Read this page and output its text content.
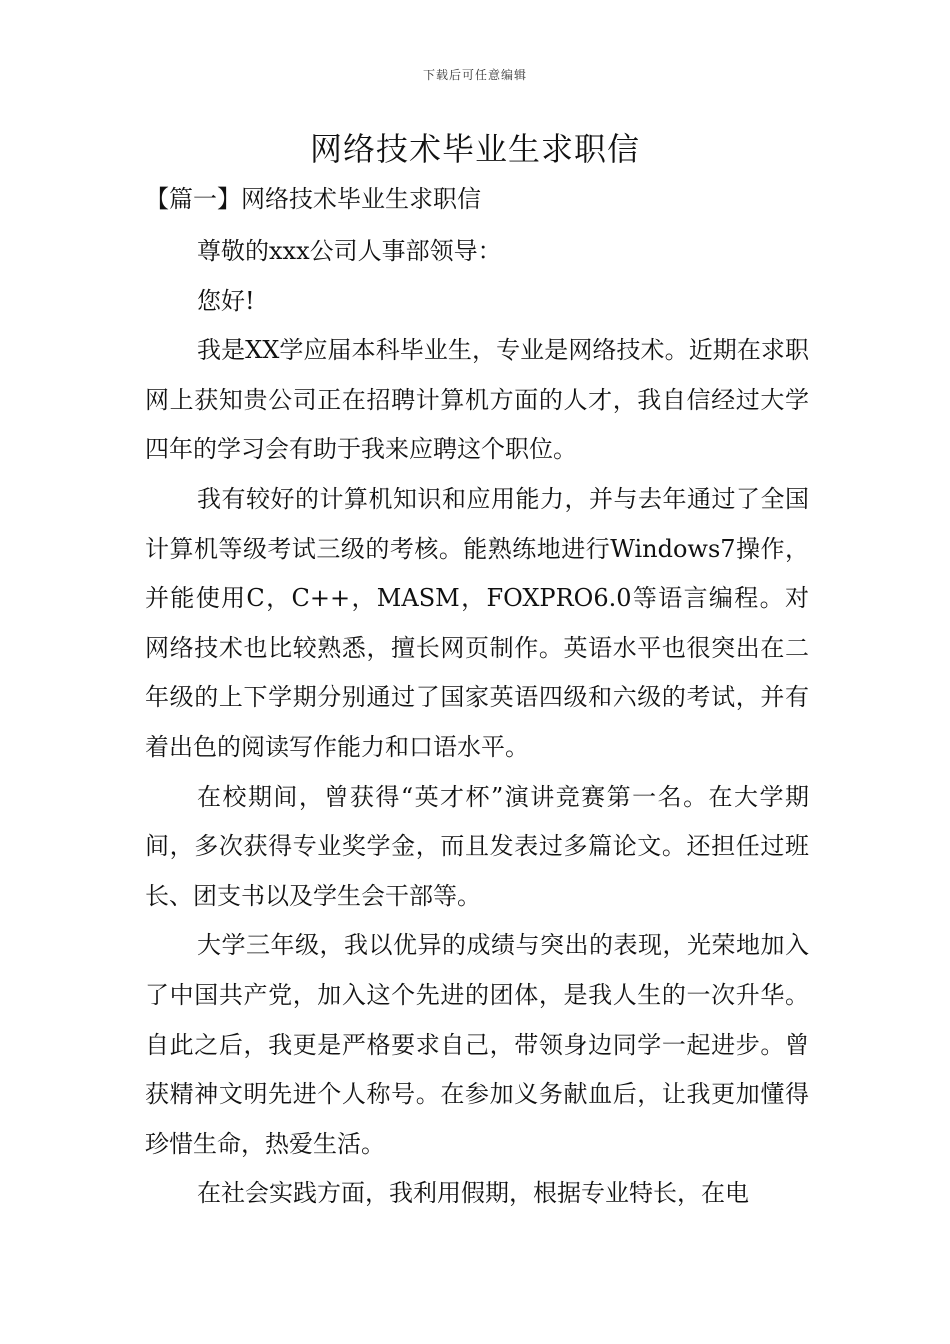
下载后可任意编辑
网络技术毕业生求职信
【篇一】网络技术毕业生求职信

尊敬的xxx公司人事部领导：

您好!

我是XX学应届本科毕业生，专业是网络技术。近期在求职网上获知贵公司正在招聘计算机方面的人才，我自信经过大学四年的学习会有助于我来应聘这个职位。

我有较好的计算机知识和应用能力，并与去年通过了全国计算机等级考试三级的考核。能熟练地进行Windows7操作，并能使用C，C++，MASM，FOXPRO6.0等语言编程。对网络技术也比较熟悉，擅长网页制作。英语水平也很突出在二年级的上下学期分别通过了国家英语四级和六级的考试，并有着出色的阅读写作能力和口语水平。

在校期间，曾获得“英才杯”演讲竞赛第一名。在大学期间，多次获得专业奖学金，而且发表过多篇论文。还担任过班长、团支书以及学生会干部等。

大学三年级，我以优异的成绩与突出的表现，光荣地加入了中国共产党，加入这个先进的团体，是我人生的一次升华。自此之后，我更是严格要求自己，带领身边同学一起进步。曾获精神文明先进个人称号。在参加义务献血后，让我更加懂得珍惜生命，热爱生活。

在社会实践方面，我利用假期，根据专业特长，在电
